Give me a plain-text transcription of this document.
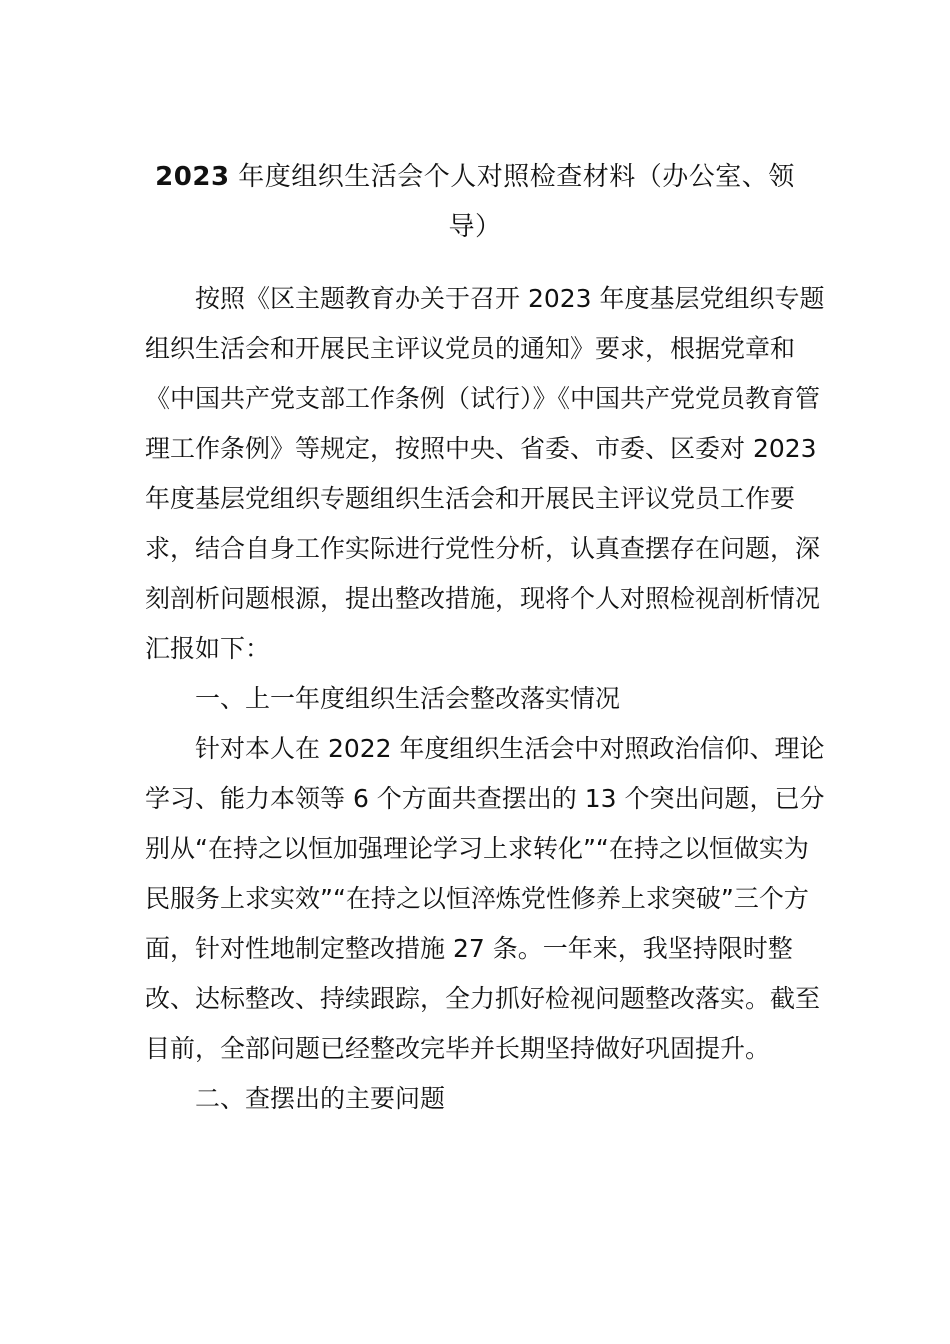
2023 年度组织生活会个人对照检查材料（办公室、领导）

按照《区主题教育办关于召开 2023 年度基层党组织专题组织生活会和开展民主评议党员的通知》要求，根据党章和《中国共产党支部工作条例（试行）》《中国共产党党员教育管理工作条例》等规定，按照中央、省委、市委、区委对 2023 年度基层党组织专题组织生活会和开展民主评议党员工作要求，结合自身工作实际进行党性分析，认真查摆存在问题，深刻剖析问题根源，提出整改措施，现将个人对照检视剖析情况汇报如下：

一、上一年度组织生活会整改落实情况

针对本人在 2022 年度组织生活会中对照政治信仰、理论学习、能力本领等 6 个方面共查摆出的 13 个突出问题，已分别从“在持之以恒加强理论学习上求转化”“在持之以恒做实为民服务上求实效”“在持之以恒淬炼党性修养上求突破”三个方面，针对性地制定整改措施 27 条。一年来，我坚持限时整改、达标整改、持续跟踪，全力抓好检视问题整改落实。截至目前，全部问题已经整改完毕并长期坚持做好巩固提升。

二、查摆出的主要问题
